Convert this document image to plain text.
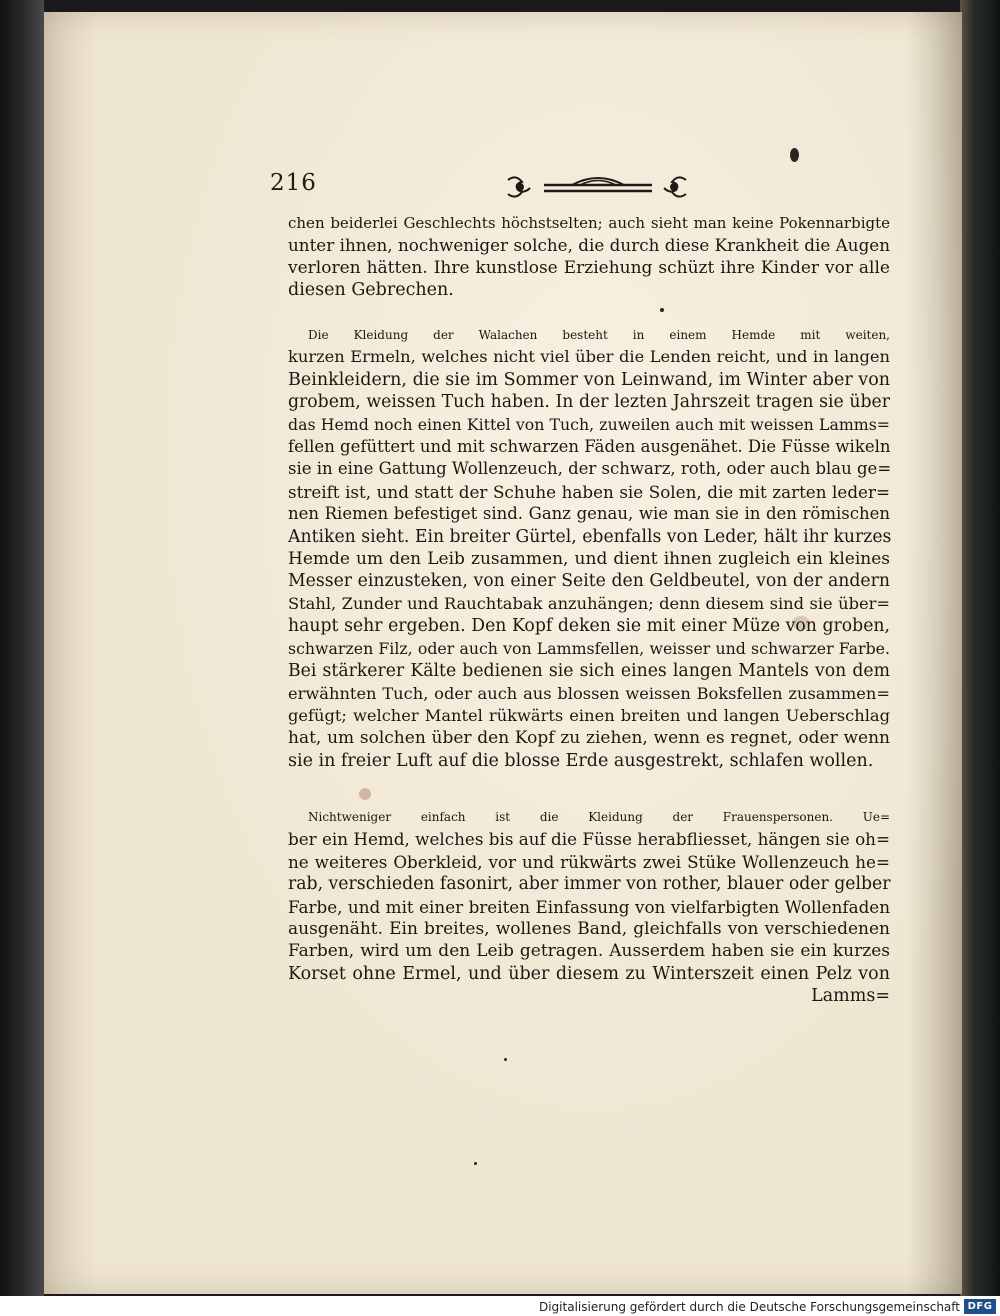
216
chen beiderlei Geschlechts höchstselten; auch sieht man keine Pokennarbigte
unter ihnen, nochweniger solche, die durch diese Krankheit die Augen
verloren hätten. Ihre kunstlose Erziehung schüzt ihre Kinder vor alle
diesen Gebrechen.
Die Kleidung der Walachen besteht in einem Hemde mit weiten,
kurzen Ermeln, welches nicht viel über die Lenden reicht, und in langen
Beinkleidern, die sie im Sommer von Leinwand, im Winter aber von
grobem, weissen Tuch haben. In der lezten Jahrszeit tragen sie über
das Hemd noch einen Kittel von Tuch, zuweilen auch mit weissen Lamms=
fellen gefüttert und mit schwarzen Fäden ausgenähet. Die Füsse wikeln
sie in eine Gattung Wollenzeuch, der schwarz, roth, oder auch blau ge=
streift ist, und statt der Schuhe haben sie Solen, die mit zarten leder=
nen Riemen befestiget sind. Ganz genau, wie man sie in den römischen
Antiken sieht. Ein breiter Gürtel, ebenfalls von Leder, hält ihr kurzes
Hemde um den Leib zusammen, und dient ihnen zugleich ein kleines
Messer einzusteken, von einer Seite den Geldbeutel, von der andern
Stahl, Zunder und Rauchtabak anzuhängen; denn diesem sind sie über=
haupt sehr ergeben. Den Kopf deken sie mit einer Müze von groben,
schwarzen Filz, oder auch von Lammsfellen, weisser und schwarzer Farbe.
Bei stärkerer Kälte bedienen sie sich eines langen Mantels von dem
erwähnten Tuch, oder auch aus blossen weissen Boksfellen zusammen=
gefügt; welcher Mantel rükwärts einen breiten und langen Ueberschlag
hat, um solchen über den Kopf zu ziehen, wenn es regnet, oder wenn
sie in freier Luft auf die blosse Erde ausgestrekt, schlafen wollen.
Nichtweniger einfach ist die Kleidung der Frauenspersonen. Ue=
ber ein Hemd, welches bis auf die Füsse herabfliesset, hängen sie oh=
ne weiteres Oberkleid, vor und rükwärts zwei Stüke Wollenzeuch he=
rab, verschieden fasonirt, aber immer von rother, blauer oder gelber
Farbe, und mit einer breiten Einfassung von vielfarbigten Wollenfaden
ausgenäht. Ein breites, wollenes Band, gleichfalls von verschiedenen
Farben, wird um den Leib getragen. Ausserdem haben sie ein kurzes
Korset ohne Ermel, und über diesem zu Winterszeit einen Pelz von
Lamms=
Digitalisierung gefördert durch die Deutsche Forschungsgemeinschaft DFG
